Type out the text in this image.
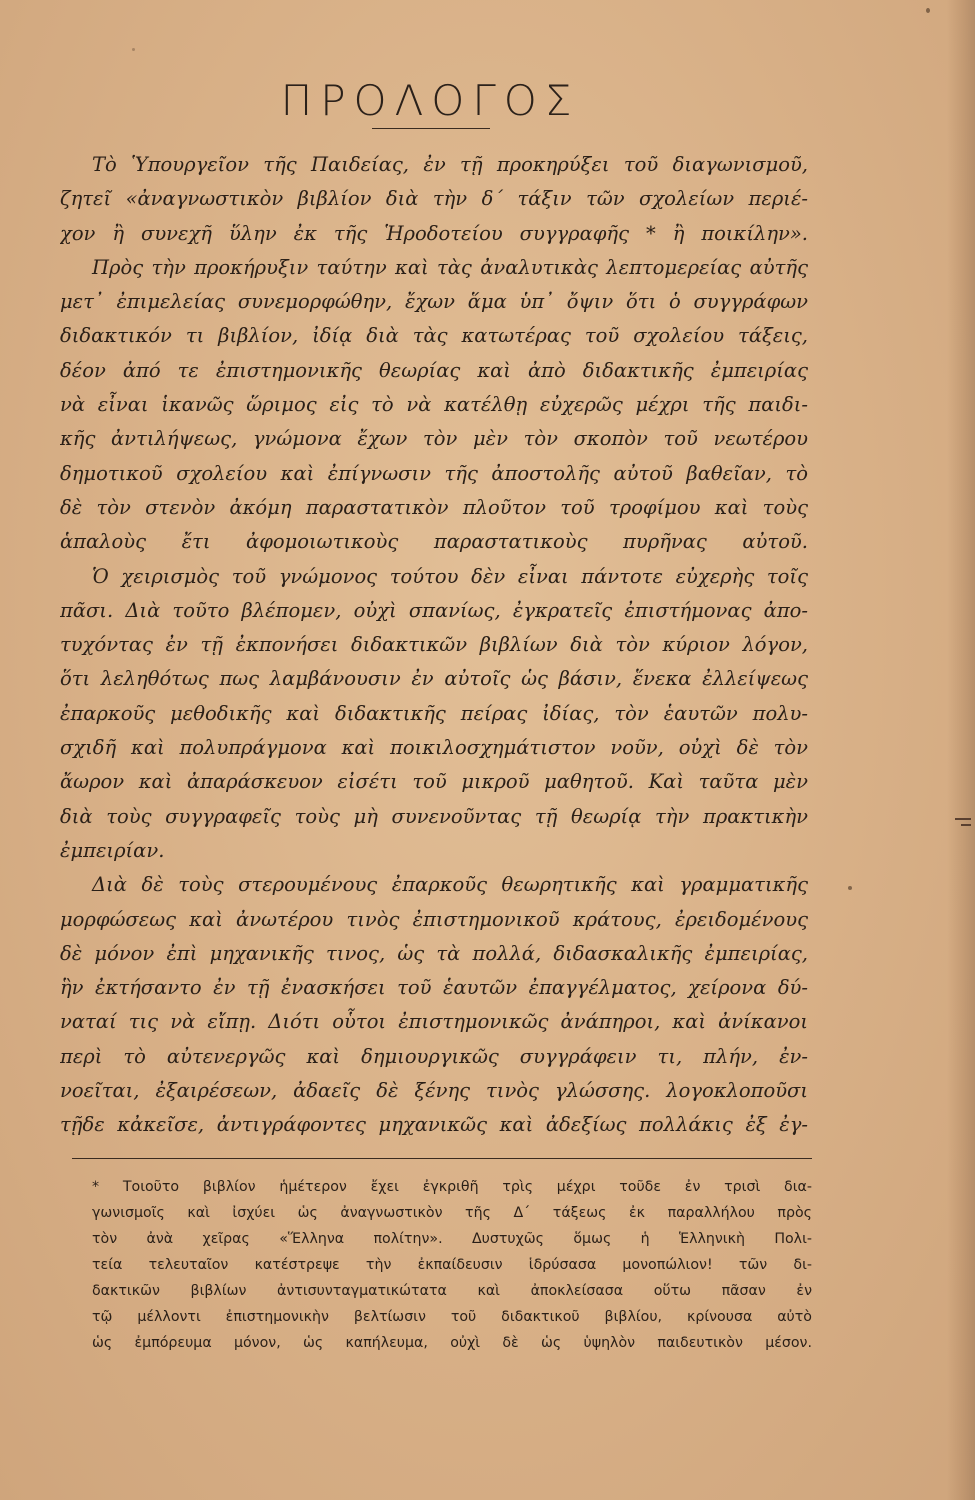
ΠΡΟΛΟΓΟΣ
Τὸ Ὑπουργεῖον τῆς Παιδείας, ἐν τῇ προκηρύξει τοῦ διαγωνισμοῦ,
ζητεῖ «ἀναγνωστικὸν βιβλίον διὰ τὴν δ΄ τάξιν τῶν σχολείων περιέ-
χον ἢ συνεχῆ ὕλην ἐκ τῆς Ἡροδοτείου συγγραφῆς * ἢ ποικίλην».
Πρὸς τὴν προκήρυξιν ταύτην καὶ τὰς ἀναλυτικὰς λεπτομερείας αὐτῆς
μετ᾽ ἐπιμελείας συνεμορφώθην, ἔχων ἅμα ὑπ᾽ ὄψιν ὅτι ὁ συγγράφων
διδακτικόν τι βιβλίον, ἰδίᾳ διὰ τὰς κατωτέρας τοῦ σχολείου τάξεις,
δέον ἀπό τε ἐπιστημονικῆς θεωρίας καὶ ἀπὸ διδακτικῆς ἐμπειρίας
νὰ εἶναι ἱκανῶς ὥριμος εἰς τὸ νὰ κατέλθῃ εὐχερῶς μέχρι τῆς παιδι-
κῆς ἀντιλήψεως, γνώμονα ἔχων τὸν μὲν τὸν σκοπὸν τοῦ νεωτέρου
δημοτικοῦ σχολείου καὶ ἐπίγνωσιν τῆς ἀποστολῆς αὐτοῦ βαθεῖαν, τὸ
δὲ τὸν στενὸν ἀκόμη παραστατικὸν πλοῦτον τοῦ τροφίμου καὶ τοὺς
ἁπαλοὺς ἔτι ἀφομοιωτικοὺς παραστατικοὺς πυρῆνας αὐτοῦ.
Ὁ χειρισμὸς τοῦ γνώμονος τούτου δὲν εἶναι πάντοτε εὐχερὴς τοῖς
πᾶσι. Διὰ τοῦτο βλέπομεν, οὐχὶ σπανίως, ἐγκρατεῖς ἐπιστήμονας ἀπο-
τυχόντας ἐν τῇ ἐκπονήσει διδακτικῶν βιβλίων διὰ τὸν κύριον λόγον,
ὅτι λεληθότως πως λαμβάνουσιν ἐν αὐτοῖς ὡς βάσιν, ἕνεκα ἐλλείψεως
ἐπαρκοῦς μεθοδικῆς καὶ διδακτικῆς πείρας ἰδίας, τὸν ἑαυτῶν πολυ-
σχιδῆ καὶ πολυπράγμονα καὶ ποικιλοσχημάτιστον νοῦν, οὐχὶ δὲ τὸν
ἄωρον καὶ ἀπαράσκευον εἰσέτι τοῦ μικροῦ μαθητοῦ. Καὶ ταῦτα μὲν
διὰ τοὺς συγγραφεῖς τοὺς μὴ συνενοῦντας τῇ θεωρίᾳ τὴν πρακτικὴν
ἐμπειρίαν.
Διὰ δὲ τοὺς στερουμένους ἐπαρκοῦς θεωρητικῆς καὶ γραμματικῆς
μορφώσεως καὶ ἀνωτέρου τινὸς ἐπιστημονικοῦ κράτους, ἐρειδομένους
δὲ μόνον ἐπὶ μηχανικῆς τινος, ὡς τὰ πολλά, διδασκαλικῆς ἐμπειρίας,
ἣν ἐκτήσαντο ἐν τῇ ἐνασκήσει τοῦ ἑαυτῶν ἐπαγγέλματος, χείρονα δύ-
ναταί τις νὰ εἴπῃ. Διότι οὗτοι ἐπιστημονικῶς ἀνάπηροι, καὶ ἀνίκανοι
περὶ τὸ αὐτενεργῶς καὶ δημιουργικῶς συγγράφειν τι, πλήν, ἐν-
νοεῖται, ἐξαιρέσεων, ἀδαεῖς δὲ ξένης τινὸς γλώσσης. λογοκλοποῦσι
τῇδε κἀκεῖσε, ἀντιγράφοντες μηχανικῶς καὶ ἀδεξίως πολλάκις ἐξ ἐγ-
* Τοιοῦτο βιβλίον ἡμέτερον ἔχει ἐγκριθῆ τρὶς μέχρι τοῦδε ἐν τρισὶ δια-
γωνισμοῖς καὶ ἰσχύει ὡς ἀναγνωστικὸν τῆς Δ΄ τάξεως ἐκ παραλλήλου πρὸς
τὸν ἀνὰ χεῖρας «Ἕλληνα πολίτην». Δυστυχῶς ὅμως ἡ Ἑλληνικὴ Πολι-
τεία τελευταῖον κατέστρεψε τὴν ἐκπαίδευσιν ἱδρύσασα μονοπώλιον! τῶν δι-
δακτικῶν βιβλίων ἀντισυνταγματικώτατα καὶ ἀποκλείσασα οὕτω πᾶσαν ἐν
τῷ μέλλοντι ἐπιστημονικὴν βελτίωσιν τοῦ διδακτικοῦ βιβλίου, κρίνουσα αὐτὸ
ὡς ἐμπόρευμα μόνον, ὡς καπήλευμα, οὐχὶ δὲ ὡς ὑψηλὸν παιδευτικὸν μέσον.
